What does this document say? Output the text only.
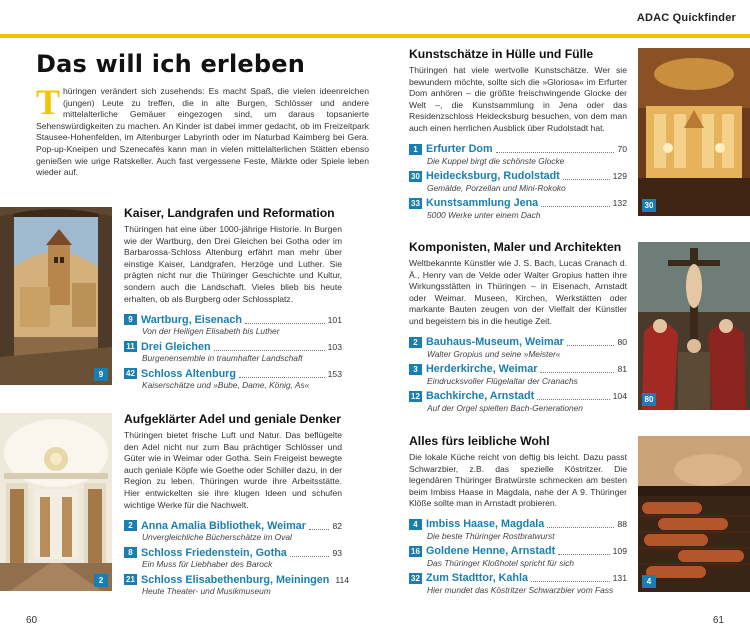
ADAC Quickfinder
Das will ich erleben
Thüringen verändert sich zusehends: Es macht Spaß, die vielen ideenreichen (jungen) Leute zu treffen, die in alte Burgen, Schlösser und andere mittelalterliche Gemäuer eingezogen sind, um daraus topsanierte Sehenswürdigkeiten zu machen. An Kinder ist dabei immer gedacht, ob im Freizeitpark Stausee-Hohenfelden, im Altenburger Labyrinth oder im Naturbad Kaimberg bei Gera. Pop-up-Kneipen und Szenecafés kann man in vielen mittelalterlichen Stätten ebenso genießen wie urige Ratskeller. Auch fast vergessene Feste, Märkte oder Spiele leben wieder auf.
9
Kaiser, Landgrafen und Reformation

Thüringen hat eine über 1000-jährige Historie. In Burgen wie der Wartburg, den Drei Gleichen bei Gotha oder im Barbarossa-Schloss Altenburg erfährt man mehr über einstige Kaiser, Landgrafen, Herzöge und Luther. Sie prägten nicht nur die Thüringer Geschichte und Kultur, sondern auch die Landschaft. Vieles blieb bis heute erhalten, ob als Burgberg oder Schlossplatz.

9 Wartburg, Eisenach	101
Von der Heiligen Elisabeth bis Luther
11 Drei Gleichen	103
Burgenensemble in traumhafter Landschaft
42 Schloss Altenburg	153
Kaiserschätze und »Bube, Dame, König, As«
2
Aufgeklärter Adel und geniale Denker

Thüringen bietet frische Luft und Natur. Das beflügelte den Adel nicht nur zum Bau prächtiger Schlösser und Güter wie in Weimar oder Gotha. Sein Freigeist bewegte auch geniale Köpfe wie Goethe oder Schiller dazu, in der Region zu leben. Thüringen wurde ihre Arbeitsstätte. Hier entwickelten sie ihre klugen Ideen und schufen wichtige Werke für die Nachwelt.

2 Anna Amalia Bibliothek, Weimar	82
Unvergleichliche Bücherschätze im Oval
8 Schloss Friedenstein, Gotha	93
Ein Muss für Liebhaber des Barock
21 Schloss Elisabethenburg, Meiningen 114
Heute Theater- und Musikmuseum
60
Kunstschätze in Hülle und Fülle

Thüringen hat viele wertvolle Kunstschätze. Wer sie bewundern möchte, sollte sich die »Gloriosa« im Erfurter Dom anhören – die größte freischwingende Glocke der Welt –, die Kunstsammlung in Jena oder das Residenzschloss Heidecksburg besuchen, von dem man auch einen herrlichen Ausblick über Rudolstadt hat.

1 Erfurter Dom	70
Die Kuppel birgt die schönste Glocke
30 Heidecksburg, Rudolstadt	129
Gemälde, Porzellan und Mini-Rokoko
33 Kunstsammlung Jena	132
5000 Werke unter einem Dach
30
Komponisten, Maler und Architekten

Weltbekannte Künstler wie J. S. Bach, Lucas Cranach d. Ä., Henry van de Velde oder Walter Gropius hatten ihre Wirkungsstätten in Thüringen – in Eisenach, Arnstadt oder Weimar. Museen, Kirchen, Werkstätten oder markante Bauten zeugen von der Vielfalt der Künstler und begeistern bis in die heutige Zeit.

2 Bauhaus-Museum, Weimar	80
Walter Gropius und seine »Meister«
3 Herderkirche, Weimar	81
Eindrucksvoller Flügelaltar der Cranachs
12 Bachkirche, Arnstadt	104
Auf der Orgel spielten Bach-Generationen
80
Alles fürs leibliche Wohl

Die lokale Küche reicht von deftig bis leicht. Dazu passt Schwarzbier, z.B. das spezielle Köstritzer. Die legendären Thüringer Bratwürste schmecken am besten beim Imbiss Haase in Magdala, nahe der A 9. Thüringer Klöße sollte man in Arnstadt probieren.

4 Imbiss Haase, Magdala	88
Die beste Thüringer Rostbratwurst
16 Goldene Henne, Arnstadt	109
Das Thüringer Kloßhotel spricht für sich
32 Zum Stadttor, Kahla	131
Hier mundet das Köstritzer Schwarzbier vom Fass
4
61
